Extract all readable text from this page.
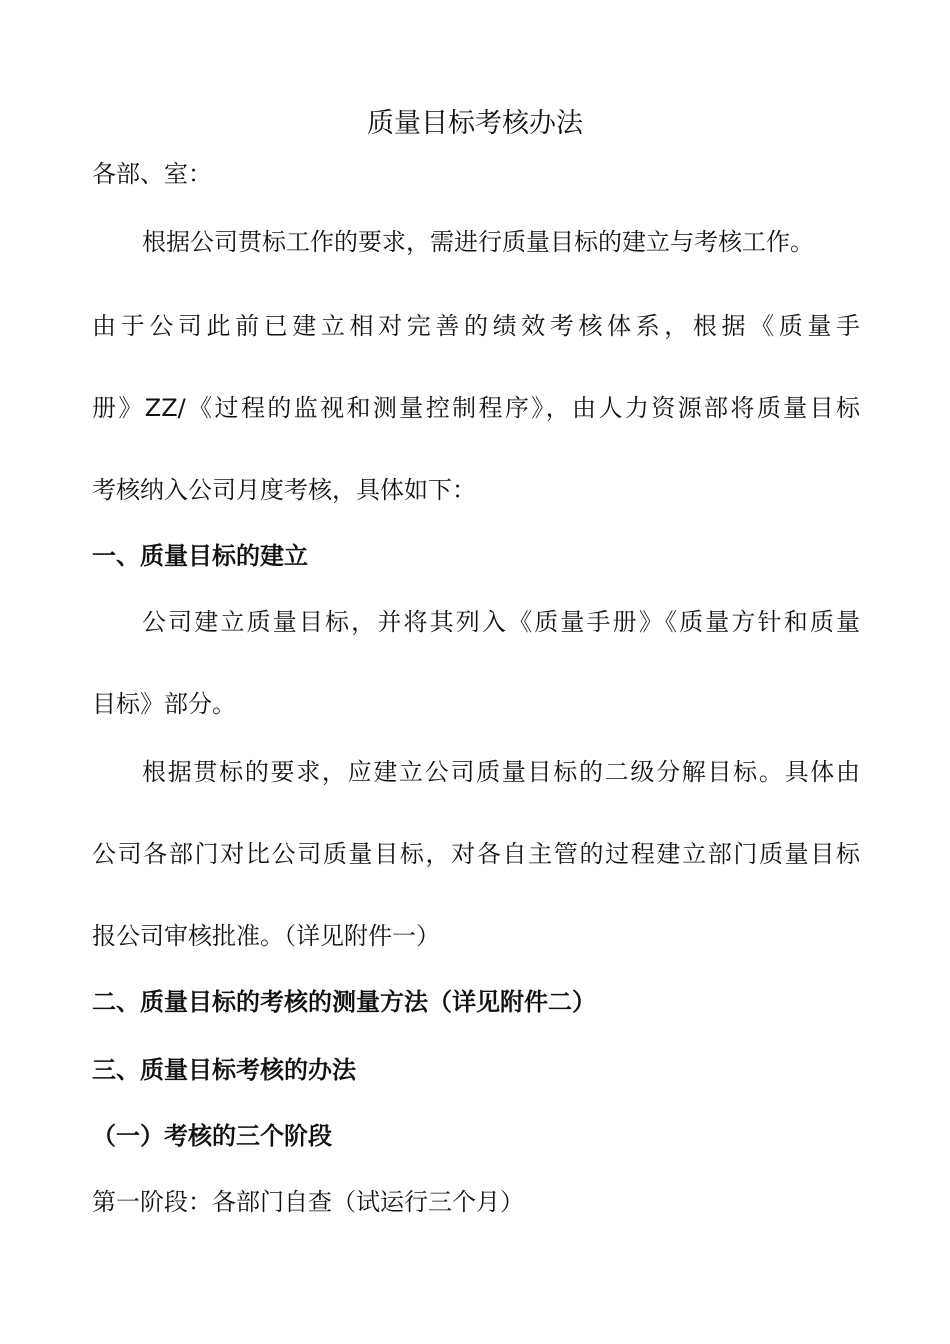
质量目标考核办法

各部、室：

根据公司贯标工作的要求，需进行质量目标的建立与考核工作。

由于公司此前已建立相对完善的绩效考核体系，根据《质量手

册》ZZ/《过程的监视和测量控制程序》，由人力资源部将质量目标

考核纳入公司月度考核，具体如下：

一、质量目标的建立

公司建立质量目标，并将其列入《质量手册》《质量方针和质量

目标》部分。

根据贯标的要求，应建立公司质量目标的二级分解目标。具体由

公司各部门对比公司质量目标，对各自主管的过程建立部门质量目标

报公司审核批准。（详见附件一）

二、质量目标的考核的测量方法（详见附件二）
三、质量目标考核的办法
（一）考核的三个阶段

第一阶段：各部门自查（试运行三个月）
